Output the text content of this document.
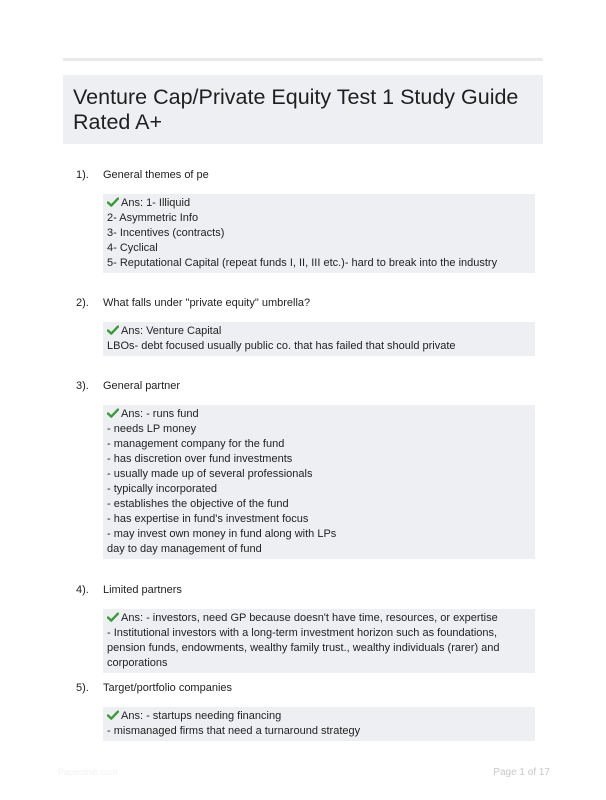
Venture Cap/Private Equity Test 1 Study Guide Rated A+
1). General themes of pe
Ans: 1- Illiquid
2- Asymmetric Info
3- Incentives (contracts)
4- Cyclical
5- Reputational Capital (repeat funds I, II, III etc.)- hard to break into the industry
2). What falls under "private equity" umbrella?
Ans: Venture Capital
LBOs- debt focused usually public co. that has failed that should private
3). General partner
Ans: - runs fund
- needs LP money
- management company for the fund
- has discretion over fund investments
- usually made up of several professionals
- typically incorporated
- establishes the objective of the fund
- has expertise in fund's investment focus
- may invest own money in fund along with LPs
day to day management of fund
4). Limited partners
Ans: - investors, need GP because doesn't have time, resources, or expertise
- Institutional investors with a long-term investment horizon such as foundations, pension funds, endowments, wealthy family trust., wealthy individuals (rarer) and corporations
5). Target/portfolio companies
Ans: - startups needing financing
- mismanaged firms that need a turnaround strategy
Paperlibib.com	Page 1 of 17
